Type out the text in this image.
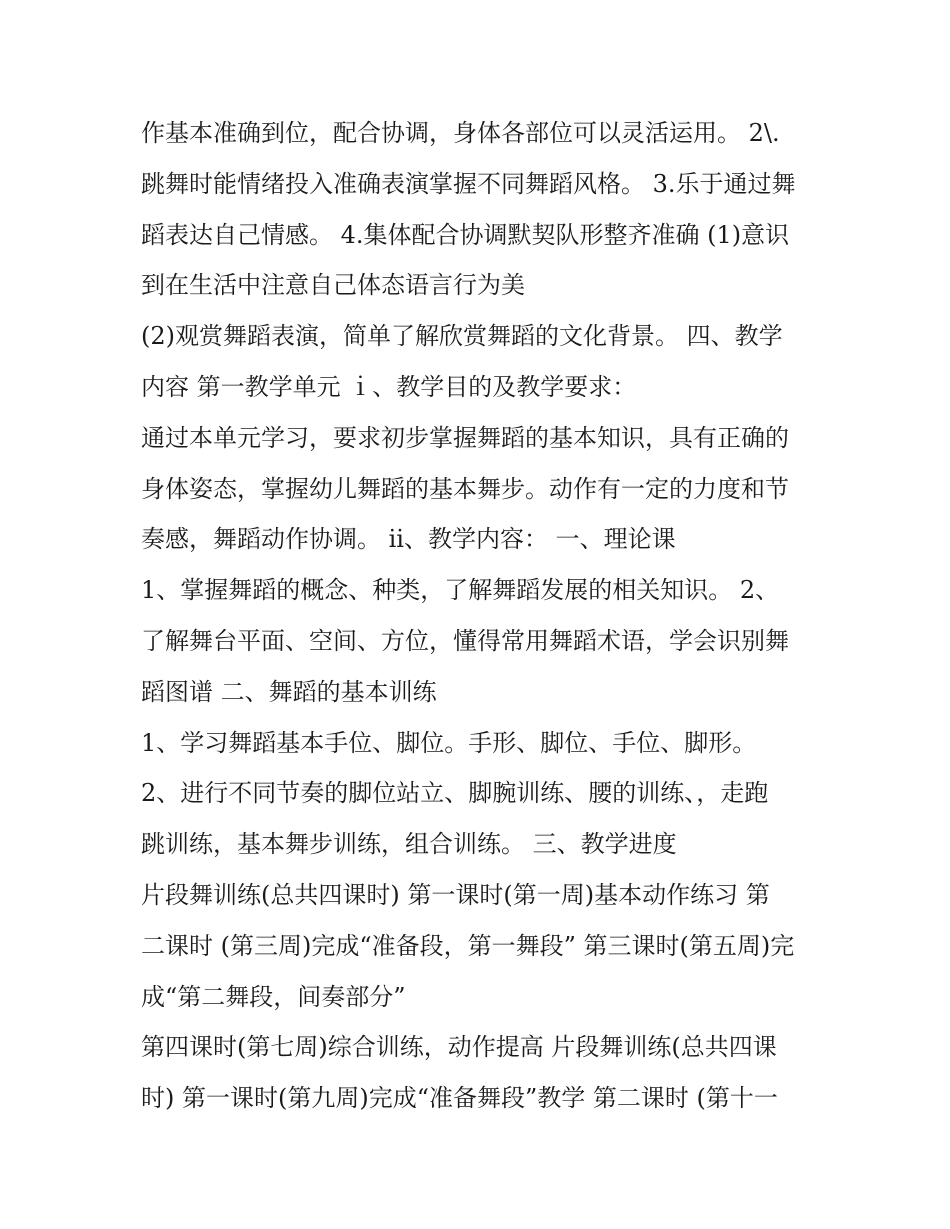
作基本准确到位，配合协调，身体各部位可以灵活运用。 2\.
跳舞时能情绪投入准确表演掌握不同舞蹈风格。 3.乐于通过舞
蹈表达自己情感。 4.集体配合协调默契队形整齐准确 (1)意识
到在生活中注意自己体态语言行为美
(2)观赏舞蹈表演，简单了解欣赏舞蹈的文化背景。 四、教学
内容 第一教学单元 ｉ、教学目的及教学要求：
通过本单元学习，要求初步掌握舞蹈的基本知识，具有正确的
身体姿态，掌握幼儿舞蹈的基本舞步。动作有一定的力度和节
奏感，舞蹈动作协调。 ⅱ、教学内容： 一、理论课
1、掌握舞蹈的概念、种类，了解舞蹈发展的相关知识。 2、
了解舞台平面、空间、方位，懂得常用舞蹈术语，学会识别舞
蹈图谱 二、舞蹈的基本训练
1、学习舞蹈基本手位、脚位。手形、脚位、手位、脚形。
2、进行不同节奏的脚位站立、脚腕训练、腰的训练、，走跑
跳训练，基本舞步训练，组合训练。 三、教学进度
片段舞训练(总共四课时) 第一课时(第一周)基本动作练习 第
二课时 (第三周)完成“准备段，第一舞段” 第三课时(第五周)完
成“第二舞段，间奏部分”
第四课时(第七周)综合训练，动作提高 片段舞训练(总共四课
时) 第一课时(第九周)完成“准备舞段”教学 第二课时 (第十一
